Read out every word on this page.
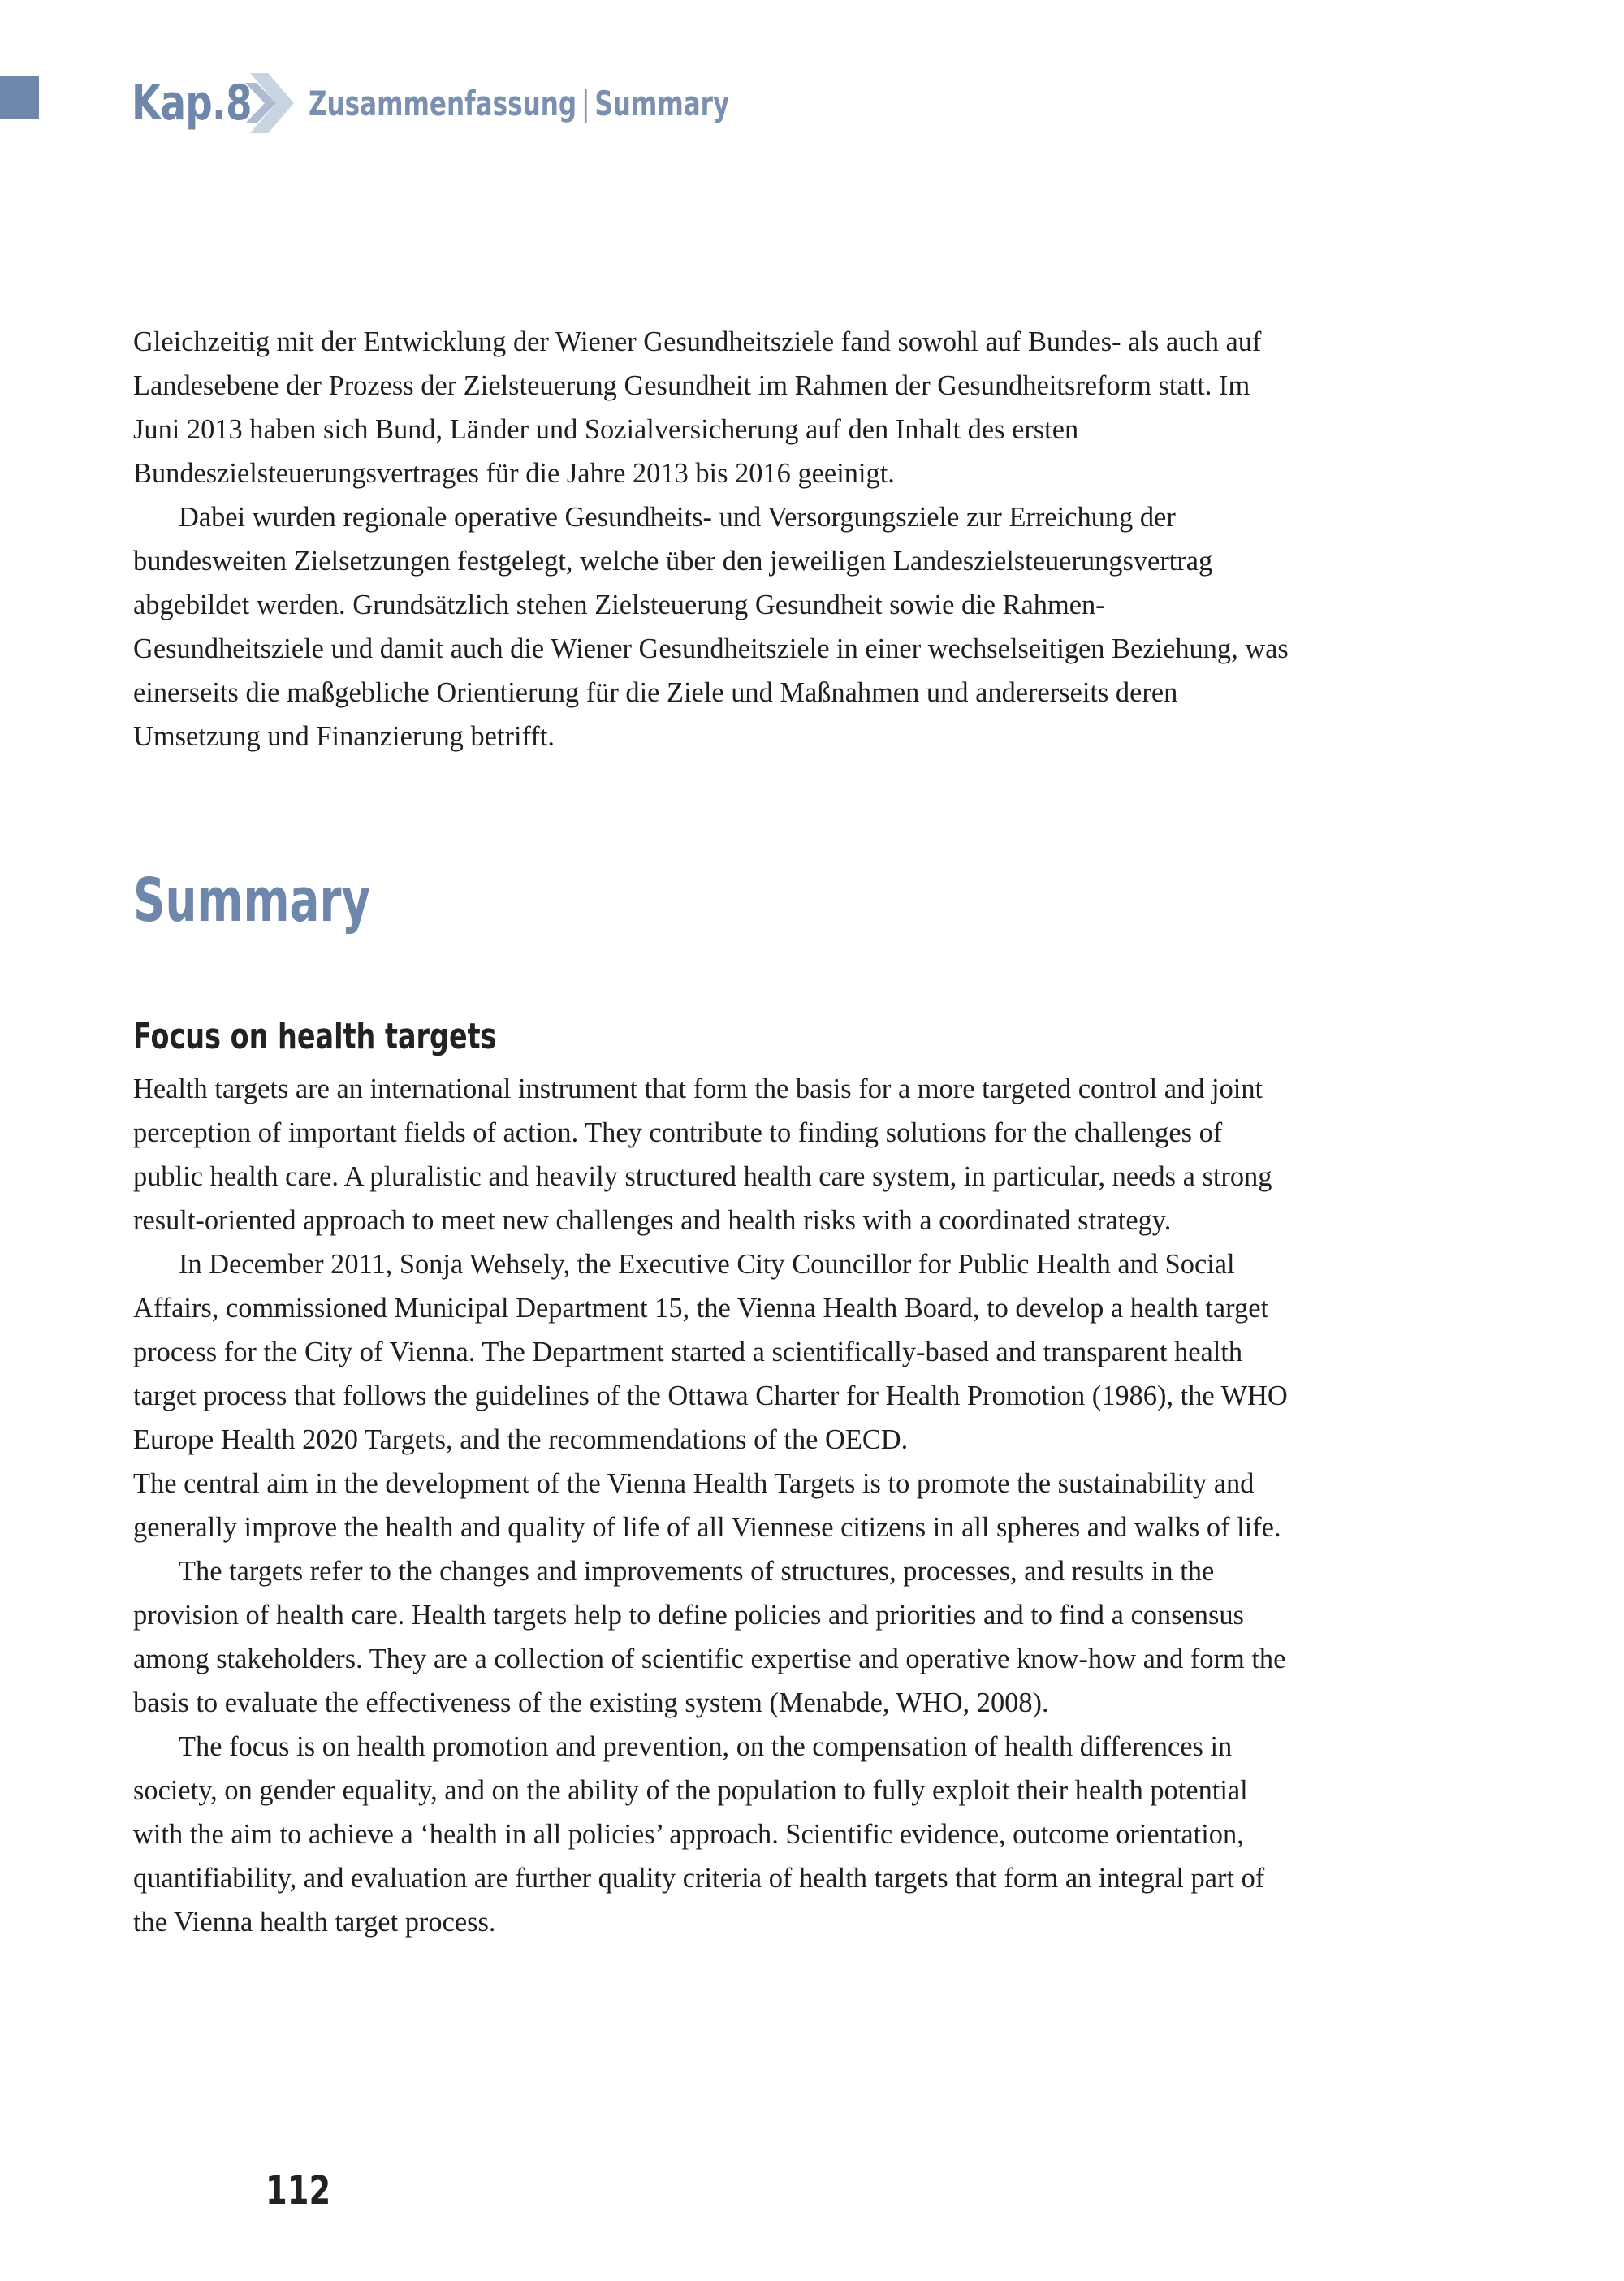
Kap.8 Zusammenfassung | Summary

Gleichzeitig mit der Entwicklung der Wiener Gesundheitsziele fand sowohl auf Bundes- als auch auf Landesebene der Prozess der Zielsteuerung Gesundheit im Rahmen der Gesundheitsreform statt. Im Juni 2013 haben sich Bund, Länder und Sozialversicherung auf den Inhalt des ersten Bundeszielsteuerungsvertrages für die Jahre 2013 bis 2016 geeinigt.

Dabei wurden regionale operative Gesundheits- und Versorgungsziele zur Erreichung der bundesweiten Zielsetzungen festgelegt, welche über den jeweiligen Landeszielsteuerungsvertrag abgebildet werden. Grundsätzlich stehen Zielsteuerung Gesundheit sowie die Rahmen-Gesundheitsziele und damit auch die Wiener Gesundheitsziele in einer wechselseitigen Beziehung, was einerseits die maßgebliche Orientierung für die Ziele und Maßnahmen und andererseits deren Umsetzung und Finanzierung betrifft.

Summary
Focus on health targets

Health targets are an international instrument that form the basis for a more targeted control and joint perception of important fields of action. They contribute to finding solutions for the challenges of public health care. A pluralistic and heavily structured health care system, in particular, needs a strong result-oriented approach to meet new challenges and health risks with a coordinated strategy.

In December 2011, Sonja Wehsely, the Executive City Councillor for Public Health and Social Affairs, commissioned Municipal Department 15, the Vienna Health Board, to develop a health target process for the City of Vienna. The Department started a scientifically-based and transparent health target process that follows the guidelines of the Ottawa Charter for Health Promotion (1986), the WHO Europe Health 2020 Targets, and the recommendations of the OECD.

The central aim in the development of the Vienna Health Targets is to promote the sustainability and generally improve the health and quality of life of all Viennese citizens in all spheres and walks of life.

The targets refer to the changes and improvements of structures, processes, and results in the provision of health care. Health targets help to define policies and priorities and to find a consensus among stakeholders. They are a collection of scientific expertise and operative know-how and form the basis to evaluate the effectiveness of the existing system (Menabde, WHO, 2008).

The focus is on health promotion and prevention, on the compensation of health differences in society, on gender equality, and on the ability of the population to fully exploit their health potential with the aim to achieve a ‘health in all policies’ approach. Scientific evidence, outcome orientation, quantifiability, and evaluation are further quality criteria of health targets that form an integral part of the Vienna health target process.

112
